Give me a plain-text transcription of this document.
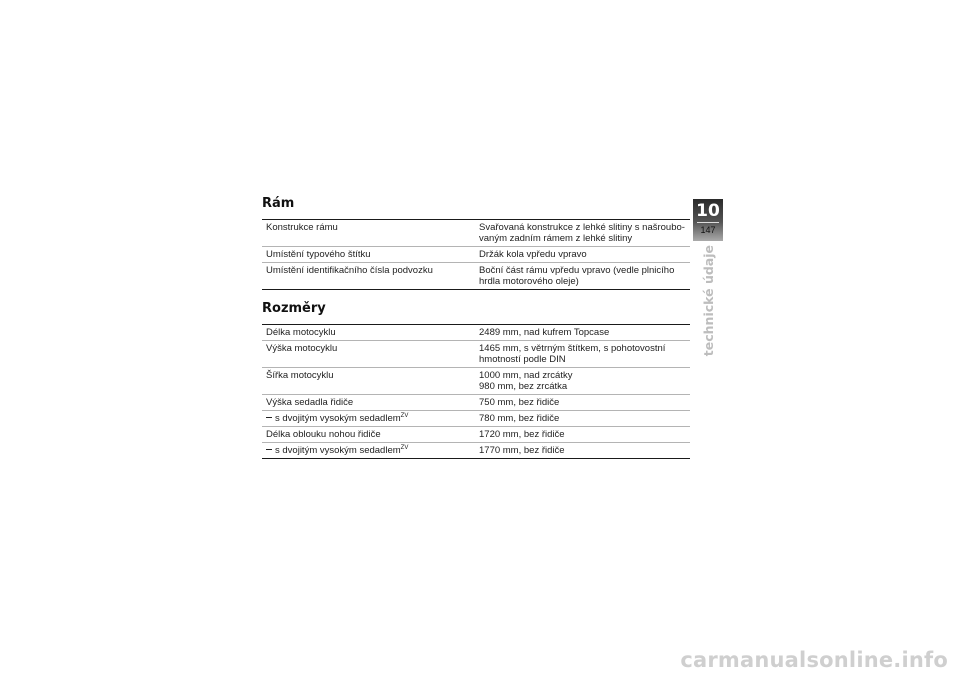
Rám
Konstrukce rámu	Svařovaná konstrukce z lehké slitiny s našroubo-
vaným zadním rámem z lehké slitiny
Umístění typového štítku	Držák kola vpředu vpravo
Umístění identifikačního čísla podvozku	Boční část rámu vpředu vpravo (vedle plnicího
hrdla motorového oleje)
Rozměry
Délka motocyklu	2489 mm, nad kufrem Topcase
Výška motocyklu	1465 mm, s větrným štítkem, s pohotovostní
hmotností podle DIN
Šířka motocyklu	1000 mm, nad zrcátky
980 mm, bez zrcátka
Výška sedadla řidiče	750 mm, bez řidiče
s dvojitým vysokým sedadlem$^{ZV}$	780 mm, bez řidiče
Délka oblouku nohou řidiče	1720 mm, bez řidiče
s dvojitým vysokým sedadlem$^{ZV}$	1770 mm, bez řidiče
10
147
technické údaje
carmanualsonline.info
